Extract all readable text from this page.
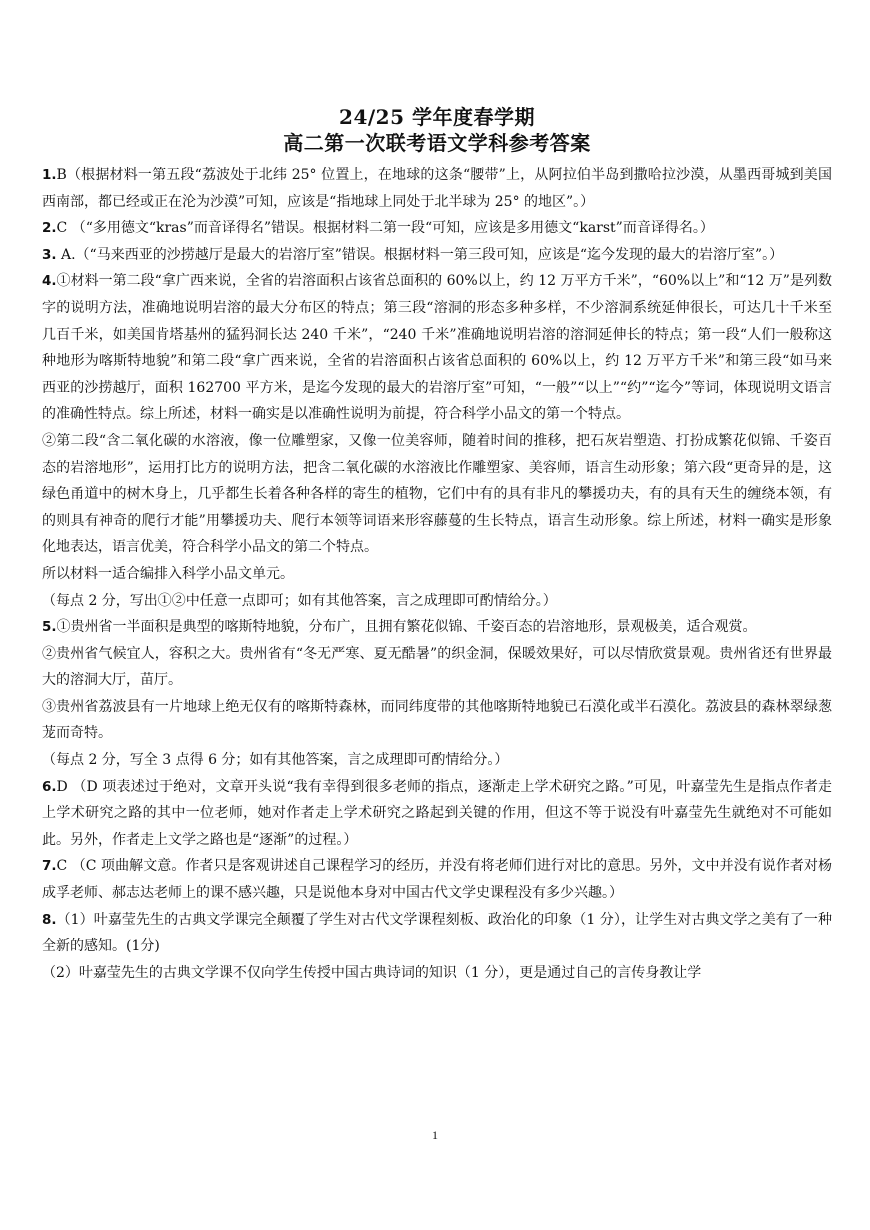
24/25 学年度春学期
高二第一次联考语文学科参考答案

1.B（根据材料一第五段“荔波处于北纬 25° 位置上，在地球的这条“腰带”上，从阿拉伯半岛到撒哈拉沙漠，从墨西哥城到美国西南部，都已经或正在沦为沙漠”可知，应该是“指地球上同处于北半球为 25° 的地区”。）

2.C （“多用德文“kras”而音译得名”错误。根据材料二第一段“可知，应该是多用德文“karst”而音译得名。）

3. A.（“马来西亚的沙捞越厅是最大的岩溶厅室”错误。根据材料一第三段可知，应该是“迄今发现的最大的岩溶厅室”。）

4.①材料一第二段“拿广西来说，全省的岩溶面积占该省总面积的 60%以上，约 12 万平方千米”，“60%以上”和“12 万”是列数字的说明方法，准确地说明岩溶的最大分布区的特点；第三段“溶洞的形态多种多样，不少溶洞系统延伸很长，可达几十千米至几百千米，如美国肯塔基州的猛犸洞长达 240 千米”，“240 千米”准确地说明岩溶的溶洞延伸长的特点；第一段“人们一般称这种地形为喀斯特地貌”和第二段“拿广西来说，全省的岩溶面积占该省总面积的 60%以上，约 12 万平方千米”和第三段“如马来西亚的沙捞越厅，面积 162700 平方米，是迄今发现的最大的岩溶厅室”可知，“一般”“以上”“约”“迄今”等词，体现说明文语言的准确性特点。综上所述，材料一确实是以准确性说明为前提，符合科学小品文的第一个特点。

②第二段“含二氧化碳的水溶液，像一位雕塑家，又像一位美容师，随着时间的推移，把石灰岩塑造、打扮成繁花似锦、千姿百态的岩溶地形”，运用打比方的说明方法，把含二氧化碳的水溶液比作雕塑家、美容师，语言生动形象；第六段“更奇异的是，这绿色甬道中的树木身上，几乎都生长着各种各样的寄生的植物，它们中有的具有非凡的攀援功夫，有的具有天生的缠绕本领，有的则具有神奇的爬行才能”用攀援功夫、爬行本领等词语来形容藤蔓的生长特点，语言生动形象。综上所述，材料一确实是形象化地表达，语言优美，符合科学小品文的第二个特点。

所以材料一适合编排入科学小品文单元。

（每点 2 分，写出①②中任意一点即可；如有其他答案，言之成理即可酌情给分。）

5.①贵州省一半面积是典型的喀斯特地貌，分布广，且拥有繁花似锦、千姿百态的岩溶地形，景观极美，适合观赏。

②贵州省气候宜人，容积之大。贵州省有“冬无严寒、夏无酷暑”的织金洞，保暖效果好，可以尽情欣赏景观。贵州省还有世界最大的溶洞大厅，苗厅。

③贵州省荔波县有一片地球上绝无仅有的喀斯特森林，而同纬度带的其他喀斯特地貌已石漠化或半石漠化。荔波县的森林翠绿葱茏而奇特。

（每点 2 分，写全 3 点得 6 分；如有其他答案，言之成理即可酌情给分。）

6.D （D 项表述过于绝对，文章开头说“我有幸得到很多老师的指点，逐渐走上学术研究之路。”可见，叶嘉莹先生是指点作者走上学术研究之路的其中一位老师，她对作者走上学术研究之路起到关键的作用，但这不等于说没有叶嘉莹先生就绝对不可能如此。另外，作者走上文学之路也是“逐渐”的过程。）

7.C （C 项曲解文意。作者只是客观讲述自己课程学习的经历，并没有将老师们进行对比的意思。另外，文中并没有说作者对杨成孚老师、郝志达老师上的课不感兴趣，只是说他本身对中国古代文学史课程没有多少兴趣。）

8.（1）叶嘉莹先生的古典文学课完全颠覆了学生对古代文学课程刻板、政治化的印象（1 分），让学生对古典文学之美有了一种全新的感知。(1分)

（2）叶嘉莹先生的古典文学课不仅向学生传授中国古典诗词的知识（1 分），更是通过自己的言传身教让学

1
